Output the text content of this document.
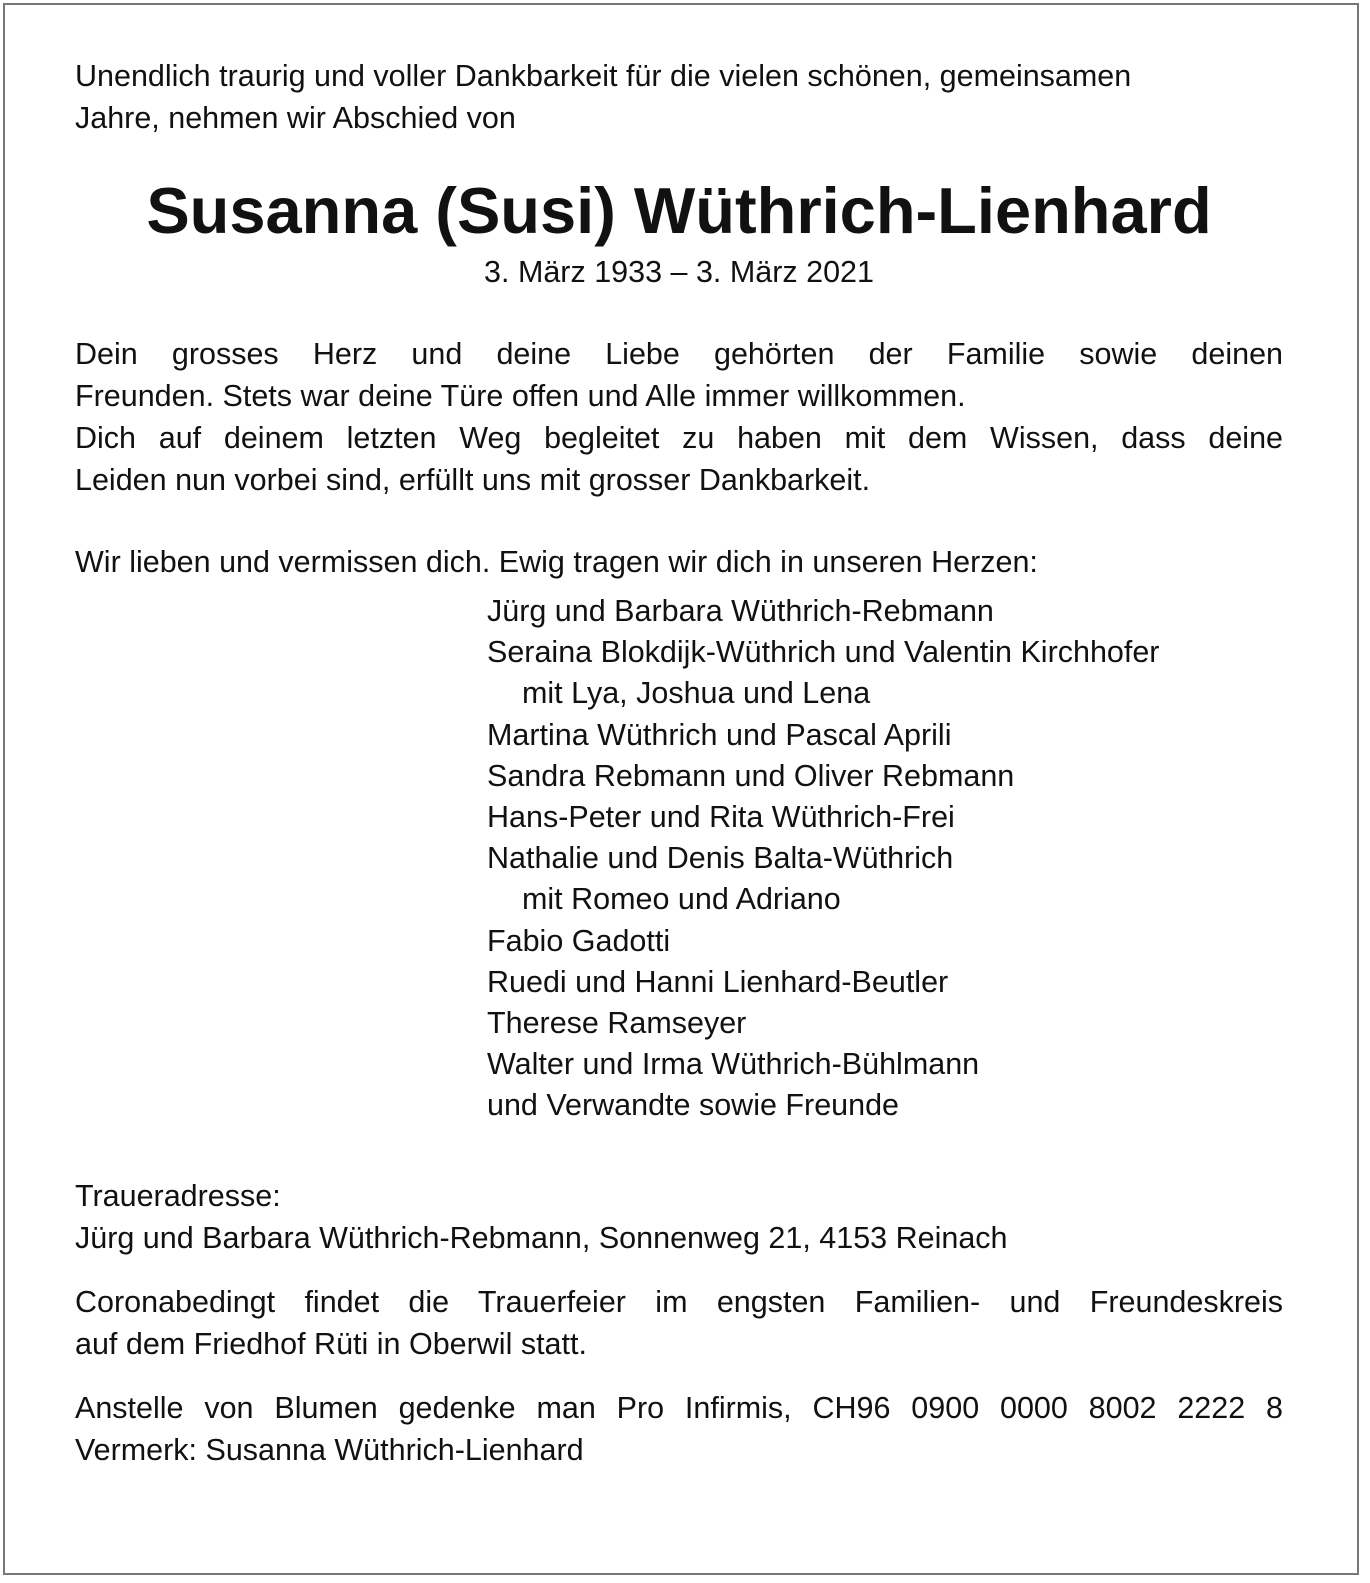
Unendlich traurig und voller Dankbarkeit für die vielen schönen, gemeinsamen

Jahre, nehmen wir Abschied von

Susanna (Susi) Wüthrich-Lienhard

3. März 1933 – 3. März 2021

Dein grosses Herz und deine Liebe gehörten der Familie sowie deinen

Freunden. Stets war deine Türe offen und Alle immer willkommen.

Dich auf deinem letzten Weg begleitet zu haben mit dem Wissen, dass deine

Leiden nun vorbei sind, erfüllt uns mit grosser Dankbarkeit.

Wir lieben und vermissen dich. Ewig tragen wir dich in unseren Herzen:

Jürg und Barbara Wüthrich-Rebmann

Seraina Blokdijk-Wüthrich und Valentin Kirchhofer

mit Lya, Joshua und Lena

Martina Wüthrich und Pascal Aprili

Sandra Rebmann und Oliver Rebmann

Hans-Peter und Rita Wüthrich-Frei

Nathalie und Denis Balta-Wüthrich

mit Romeo und Adriano

Fabio Gadotti

Ruedi und Hanni Lienhard-Beutler

Therese Ramseyer

Walter und Irma Wüthrich-Bühlmann

und Verwandte sowie Freunde

Traueradresse:

Jürg und Barbara Wüthrich-Rebmann, Sonnenweg 21, 4153 Reinach

Coronabedingt findet die Trauerfeier im engsten Familien- und Freundeskreis

auf dem Friedhof Rüti in Oberwil statt.

Anstelle von Blumen gedenke man Pro Infirmis, CH96 0900 0000 8002 2222 8

Vermerk: Susanna Wüthrich-Lienhard
